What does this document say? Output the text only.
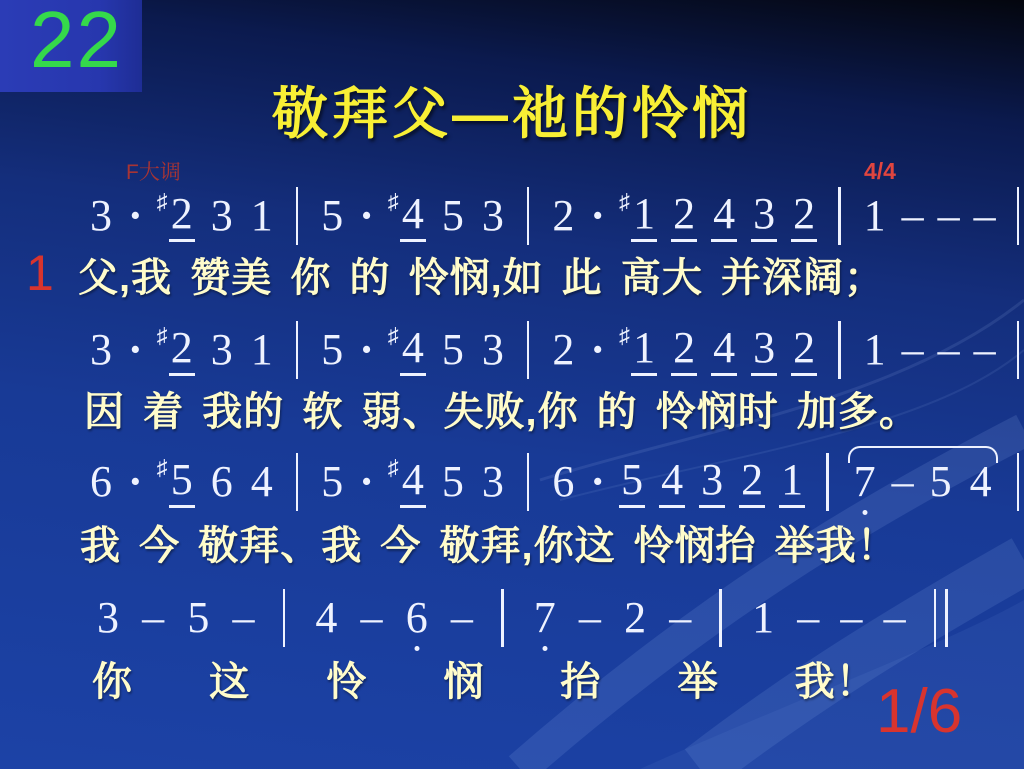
22
敬拜父—祂的怜悯
F大调	4/4
1
3 · ♯ 2 3 1 5 · ♯ 4 5 3 2 · ♯ 1 2 4 3 2 1 – – –
父,我 赞美 你 的 怜悯,如 此 高大 并深阔；
3 · ♯ 2 3 1 5 · ♯ 4 5 3 2 · ♯ 1 2 4 3 2 1 – – –
因 着 我的 软 弱、失败,你 的 怜悯时 加多。
6 · ♯ 5 6 4 5 · ♯ 4 5 3 6 · 5 4 3 2 1 7 – 5 4
我 今 敬拜、我 今 敬拜,你这 怜悯抬 举我！
3 – 5 – 4 – 6 – 7 – 2 – 1 – – –
你 这 怜 悯 抬 举 我！ 1/6
